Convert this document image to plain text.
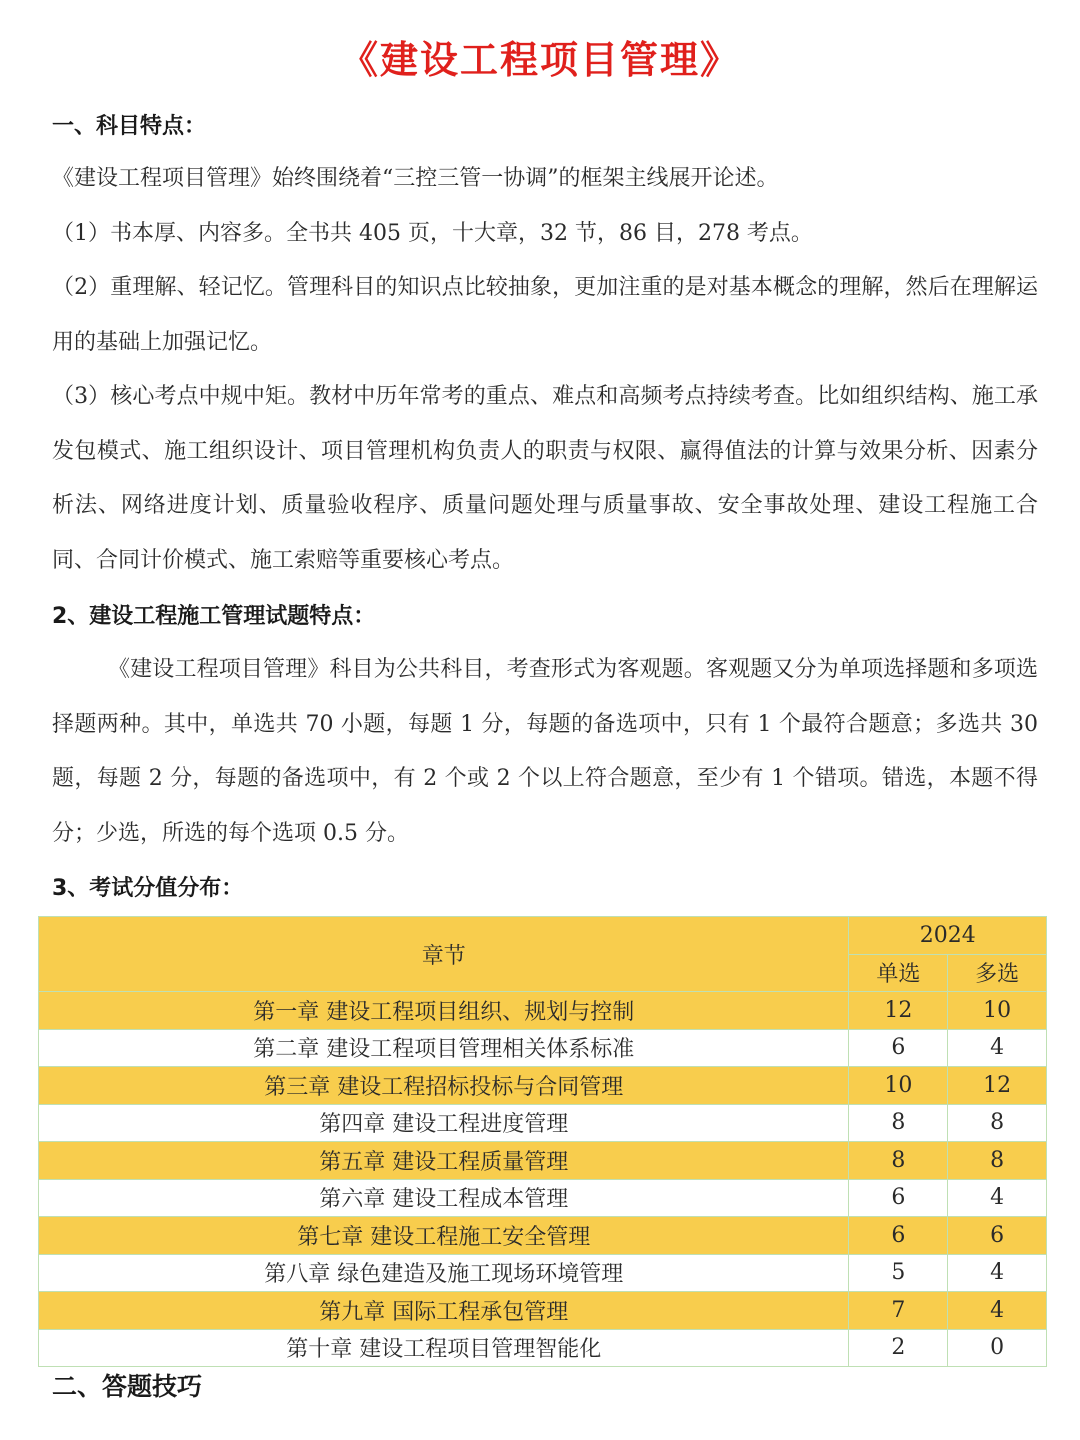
《建设工程项目管理》
一、科目特点：
《建设工程项目管理》始终围绕着“三控三管一协调”的框架主线展开论述。
（1）书本厚、内容多。全书共 405 页，十大章，32 节，86 目，278 考点。
（2）重理解、轻记忆。管理科目的知识点比较抽象，更加注重的是对基本概念的理解，然后在理解运用的基础上加强记忆。
（3）核心考点中规中矩。教材中历年常考的重点、难点和高频考点持续考查。比如组织结构、施工承发包模式、施工组织设计、项目管理机构负责人的职责与权限、赢得值法的计算与效果分析、因素分析法、网络进度计划、质量验收程序、质量问题处理与质量事故、安全事故处理、建设工程施工合同、合同计价模式、施工索赔等重要核心考点。
2、建设工程施工管理试题特点：
《建设工程项目管理》科目为公共科目，考查形式为客观题。客观题又分为单项选择题和多项选择题两种。其中，单选共 70 小题，每题 1 分，每题的备选项中，只有 1 个最符合题意；多选共 30 题，每题 2 分，每题的备选项中，有 2 个或 2 个以上符合题意，至少有 1 个错项。错选，本题不得分；少选，所选的每个选项 0.5 分。
3、考试分值分布：
章节	2024	
	单选	多选
第一章 建设工程项目组织、规划与控制	12	10
第二章 建设工程项目管理相关体系标准	6	4
第三章 建设工程招标投标与合同管理	10	12
第四章 建设工程进度管理	8	8
第五章 建设工程质量管理	8	8
第六章 建设工程成本管理	6	4
第七章 建设工程施工安全管理	6	6
第八章 绿色建造及施工现场环境管理	5	4
第九章 国际工程承包管理	7	4
第十章 建设工程项目管理智能化	2	0
二、答题技巧
